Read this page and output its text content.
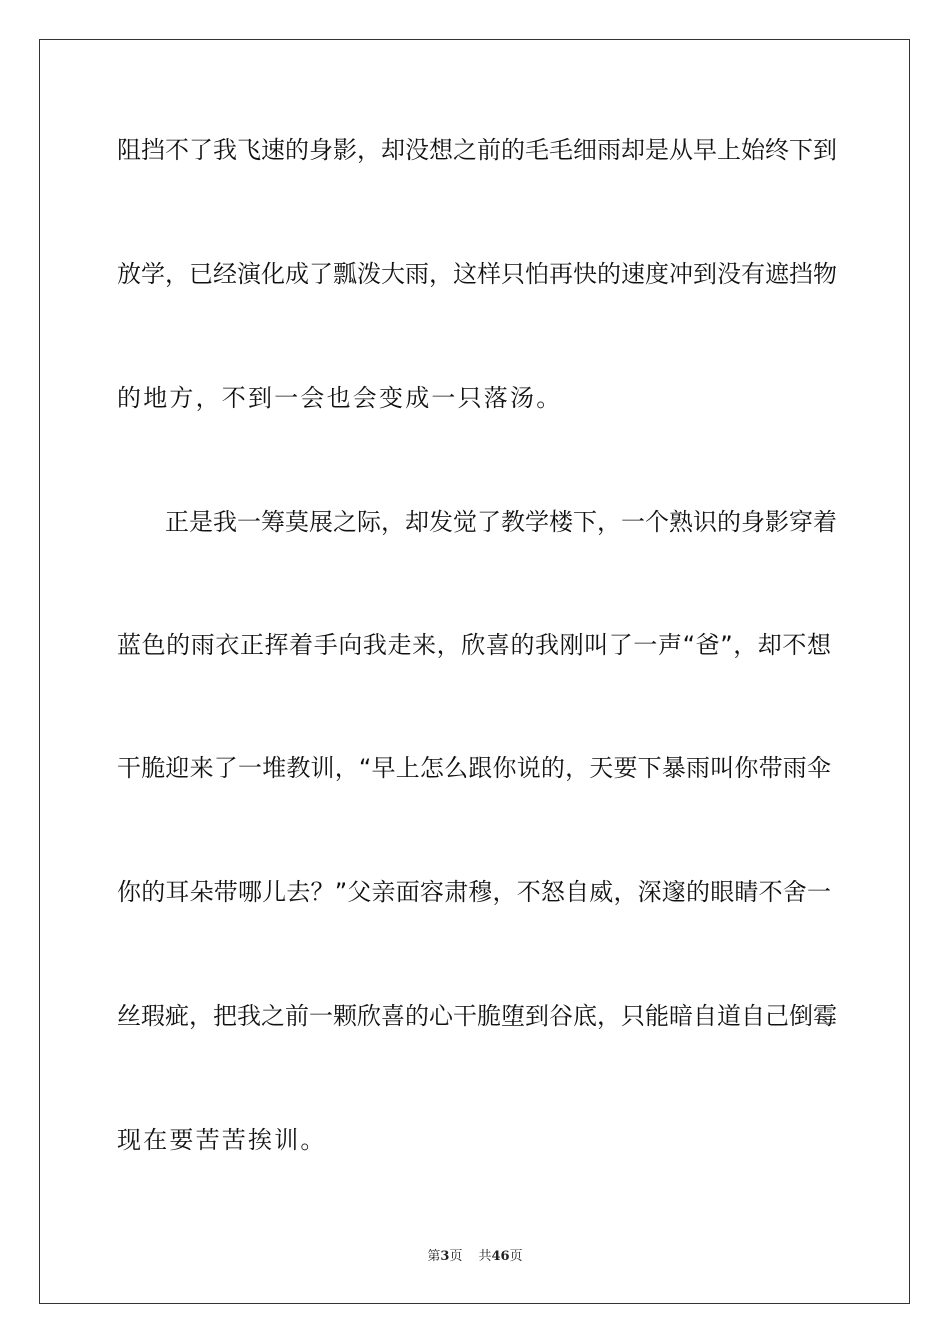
阻挡不了我飞速的身影，却没想之前的毛毛细雨却是从早上始终下到
放学，已经演化成了瓢泼大雨，这样只怕再快的速度冲到没有遮挡物
的地方，不到一会也会变成一只落汤。
正是我一筹莫展之际，却发觉了教学楼下，一个熟识的身影穿着
蓝色的雨衣正挥着手向我走来，欣喜的我刚叫了一声“爸”，却不想
干脆迎来了一堆教训，“早上怎么跟你说的，天要下暴雨叫你带雨伞
你的耳朵带哪儿去？”父亲面容肃穆，不怒自威，深邃的眼睛不舍一
丝瑕疵，把我之前一颗欣喜的心干脆堕到谷底，只能暗自道自己倒霉
现在要苦苦挨训。
第3页 共46页
